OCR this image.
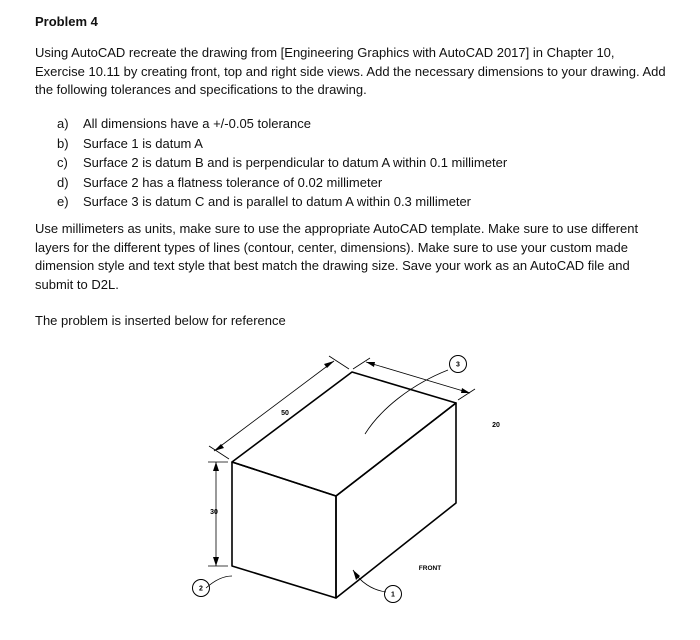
Problem 4

Using AutoCAD recreate the drawing from [Engineering Graphics with AutoCAD 2017] in Chapter 10, Exercise 10.11 by creating front, top and right side views. Add the necessary dimensions to your drawing. Add the following tolerances and specifications to the drawing.

a)	All dimensions have a +/-0.05 tolerance
b)	Surface 1 is datum A
c)	Surface 2 is datum B and is perpendicular to datum A within 0.1 millimeter
d)	Surface 2 has a flatness tolerance of 0.02 millimeter
e)	Surface 3 is datum C and is parallel to datum A within 0.3 millimeter

Use millimeters as units, make sure to use the appropriate AutoCAD template. Make sure to use different layers for the different types of lines (contour, center, dimensions). Make sure to use your custom made dimension style and text style that best match the drawing size. Save your work as an AutoCAD file and submit to D2L.

The problem is inserted below for reference

50
20
30
FRONT
3
1
2
